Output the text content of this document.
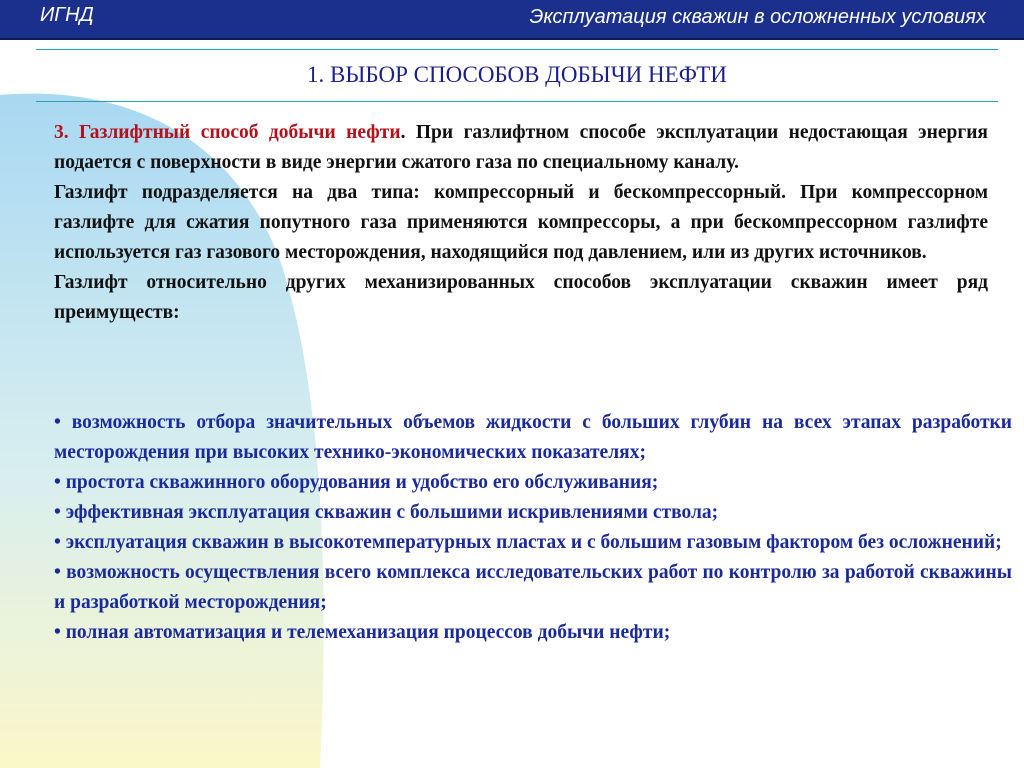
ИГНД	Эксплуатация скважин в осложненных условиях
1. ВЫБОР СПОСОБОВ ДОБЫЧИ НЕФТИ

3. Газлифтный способ добычи нефти. При газлифтном способе эксплуатации недостающая энергия подается с поверхности в виде энергии сжатого газа по специальному каналу.

Газлифт подразделяется на два типа: компрессорный и бескомпрессорный. При компрессорном газлифте для сжатия попутного газа применяются компрессоры, а при бескомпрессорном газлифте используется газ газового месторождения, находящийся под давлением, или из других источников.

Газлифт относительно других механизированных способов эксплуатации скважин имеет ряд преимуществ:

• возможность отбора значительных объемов жидкости с больших глубин на всех этапах разработки месторождения при высоких технико-экономических показателях;

• простота скважинного оборудования и удобство его обслуживания;

• эффективная эксплуатация скважин с большими искривлениями ствола;

• эксплуатация скважин в высокотемпературных пластах и с большим газовым фактором без осложнений;

• возможность осуществления всего комплекса исследовательских работ по контролю за работой скважины и разработкой месторождения;

• полная автоматизация и телемеханизация процессов добычи нефти;
